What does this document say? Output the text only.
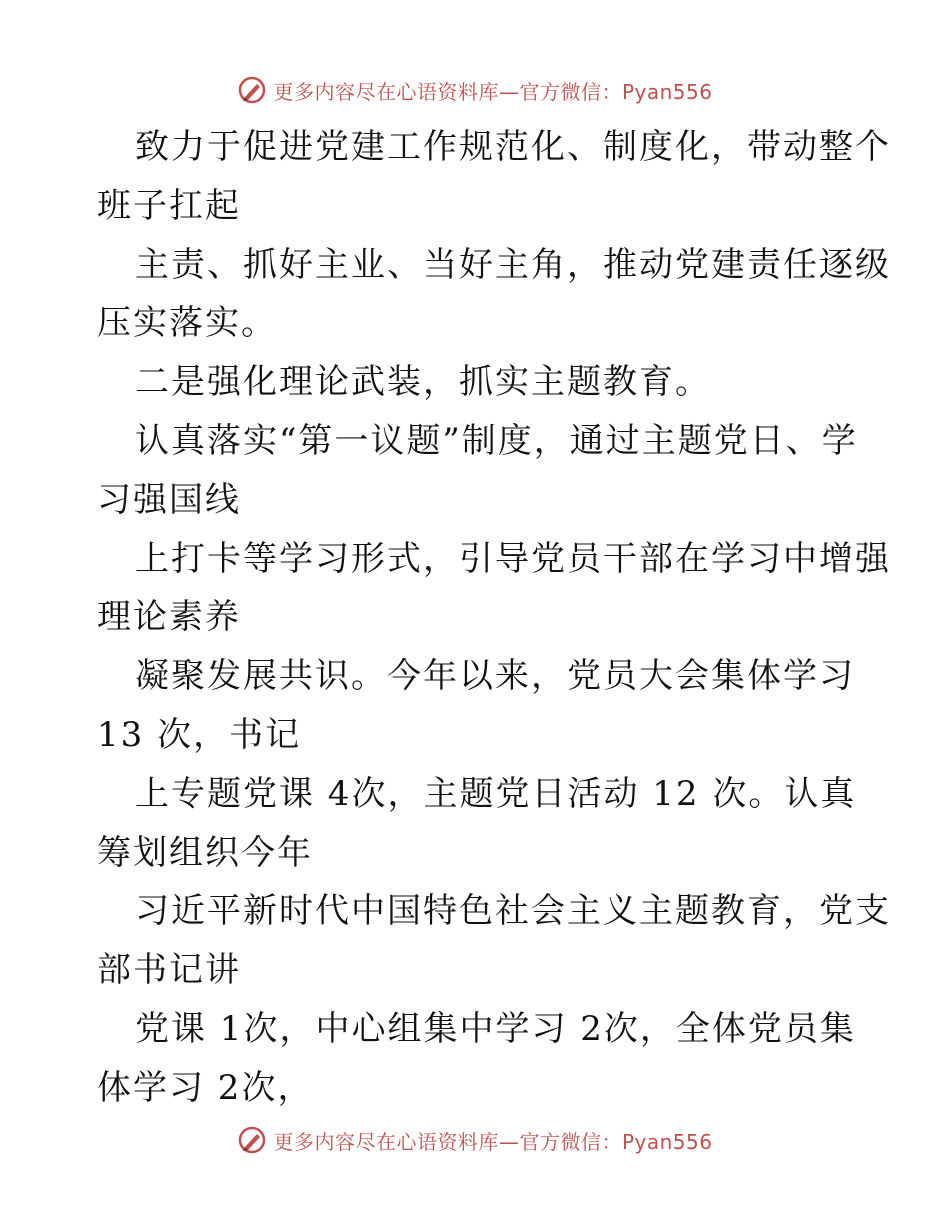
更多内容尽在心语资料库—官方微信：Pyan556
致力于促进党建工作规范化、制度化，带动整个
班子扛起
主责、抓好主业、当好主角，推动党建责任逐级
压实落实。
二是强化理论武装，抓实主题教育。
认真落实“第一议题”制度，通过主题党日、学
习强国线
上打卡等学习形式，引导党员干部在学习中增强
理论素养
凝聚发展共识。今年以来，党员大会集体学习
13 次，书记
上专题党课 4次，主题党日活动 12 次。认真
筹划组织今年
习近平新时代中国特色社会主义主题教育，党支
部书记讲
党课 1次，中心组集中学习 2次，全体党员集
体学习 2次，
更多内容尽在心语资料库—官方微信：Pyan556
